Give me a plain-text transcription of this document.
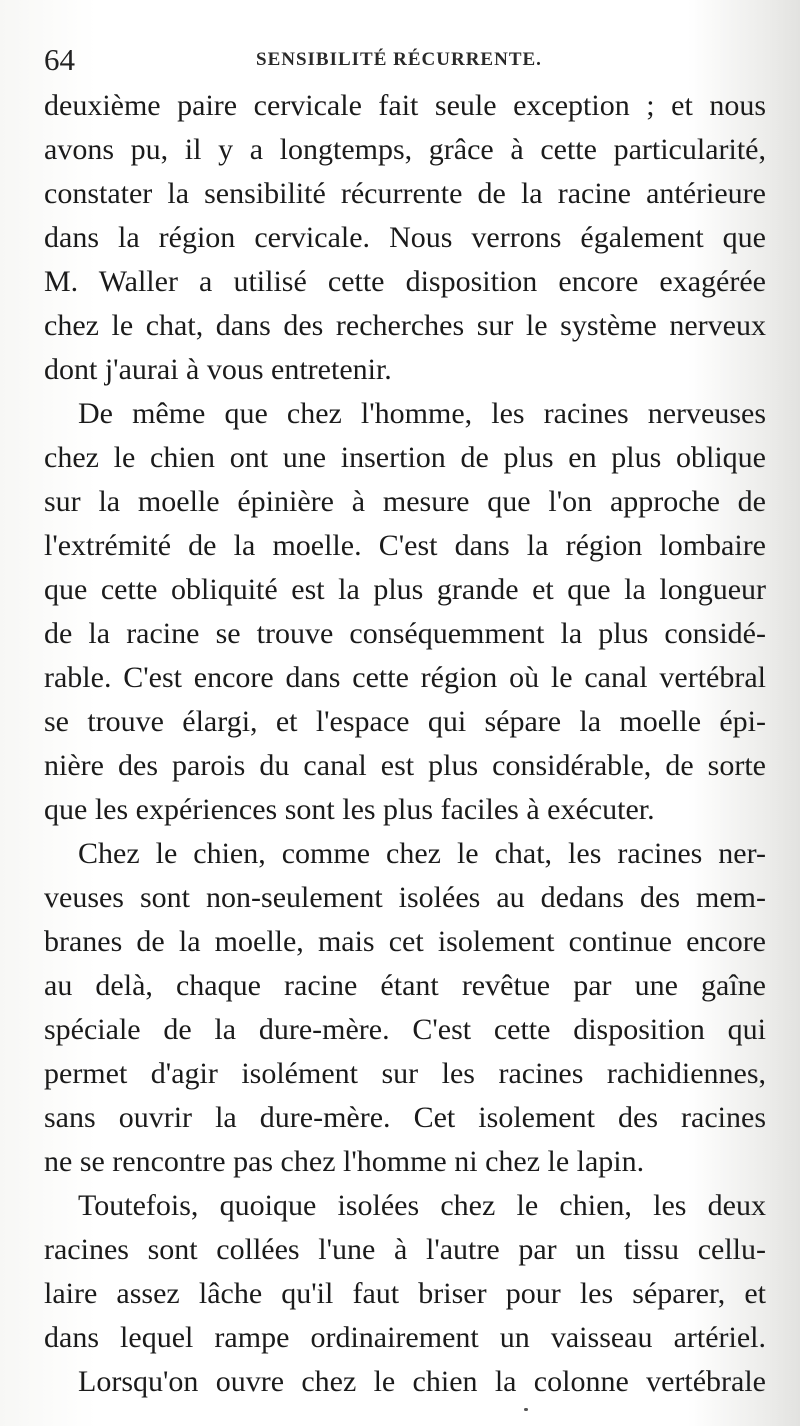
64	SENSIBILITÉ RÉCURRENTE.
deuxième paire cervicale fait seule exception ; et nous
avons pu, il y a longtemps, grâce à cette particularité,
constater la sensibilité récurrente de la racine antérieure
dans la région cervicale. Nous verrons également que
M. Waller a utilisé cette disposition encore exagérée
chez le chat, dans des recherches sur le système nerveux
dont j'aurai à vous entretenir.
De même que chez l'homme, les racines nerveuses
chez le chien ont une insertion de plus en plus oblique
sur la moelle épinière à mesure que l'on approche de
l'extrémité de la moelle. C'est dans la région lombaire
que cette obliquité est la plus grande et que la longueur
de la racine se trouve conséquemment la plus considé-
rable. C'est encore dans cette région où le canal vertébral
se trouve élargi, et l'espace qui sépare la moelle épi-
nière des parois du canal est plus considérable, de sorte
que les expériences sont les plus faciles à exécuter.
Chez le chien, comme chez le chat, les racines ner-
veuses sont non-seulement isolées au dedans des mem-
branes de la moelle, mais cet isolement continue encore
au delà, chaque racine étant revêtue par une gaîne
spéciale de la dure-mère. C'est cette disposition qui
permet d'agir isolément sur les racines rachidiennes,
sans ouvrir la dure-mère. Cet isolement des racines
ne se rencontre pas chez l'homme ni chez le lapin.
Toutefois, quoique isolées chez le chien, les deux
racines sont collées l'une à l'autre par un tissu cellu-
laire assez lâche qu'il faut briser pour les séparer, et
dans lequel rampe ordinairement un vaisseau artériel.
Lorsqu'on ouvre chez le chien la colonne vertébrale
